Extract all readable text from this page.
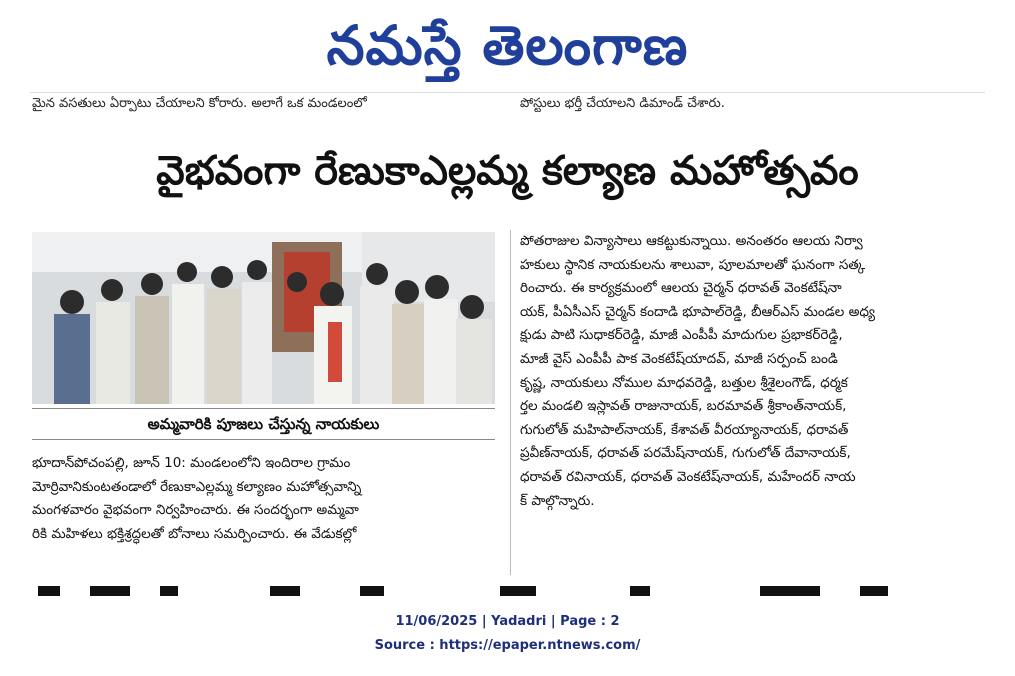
నమస్తే తెలంగాణ
మైన వసతులు ఏర్పాటు చేయాలని కోరారు. అలాగే ఒక మండలంలో	పోస్టులు భర్తీ చేయాలని డిమాండ్ చేశారు.
వైభవంగా రేణుకాఎల్లమ్మ కల్యాణ మహోత్సవం
అమ్మవారికి పూజలు చేస్తున్న నాయకులు

భూదాన్‌పోచంపల్లి, జూన్ 10: మండలంలోని ఇందిరాల గ్రామం

మోర్రివానికుంటతండాలో రేణుకాఎల్లమ్మ కల్యాణం మహోత్సవాన్ని

మంగళవారం వైభవంగా నిర్వహించారు. ఈ సందర్భంగా అమ్మవా

రికి మహిళలు భక్తిశ్రద్ధలతో బోనాలు సమర్పించారు. ఈ వేడుకల్లో

పోతరాజుల విన్యాసాలు ఆకట్టుకున్నాయి. అనంతరం ఆలయ నిర్వా

హకులు స్థానిక నాయకులను శాలువా, పూలమాలతో ఘనంగా సత్క

రించారు. ఈ కార్యక్రమంలో ఆలయ చైర్మన్ ధరావత్ వెంకటేష్‌నా

యక్, పీఏసీఎస్ చైర్మన్ కందాడి భూపాల్‌రెడ్డి, బీఆర్‌ఎస్ మండల అధ్య

క్షుడు పాటి సుధాకర్‌రెడ్డి, మాజీ ఎంపీపీ మాదుగుల ప్రభాకర్‌రెడ్డి,

మాజీ వైస్ ఎంపీపీ పాక వెంకటేష్‌యాదవ్, మాజీ సర్పంచ్ బండి

కృష్ణ, నాయకులు నోముల మాధవరెడ్డి, బత్తుల శ్రీశైలంగౌడ్, ధర్మక

ర్తల మండలి ఇస్లావత్ రాజునాయక్, బరమావత్ శ్రీకాంత్‌నాయక్,

గుగులోత్ మహిపాల్‌నాయక్, కేశావత్ వీరయ్యానాయక్, ధరావత్

ప్రవీణ్‌నాయక్, ధరావత్ పరమేష్‌నాయక్, గుగులోత్ దేవానాయక్,

ధరావత్ రవినాయక్, ధరావత్ వెంకటేష్‌నాయక్, మహేందర్ నాయ

క్ పాల్గొన్నారు.

11/06/2025 | Yadadri | Page : 2
Source : https://epaper.ntnews.com/
